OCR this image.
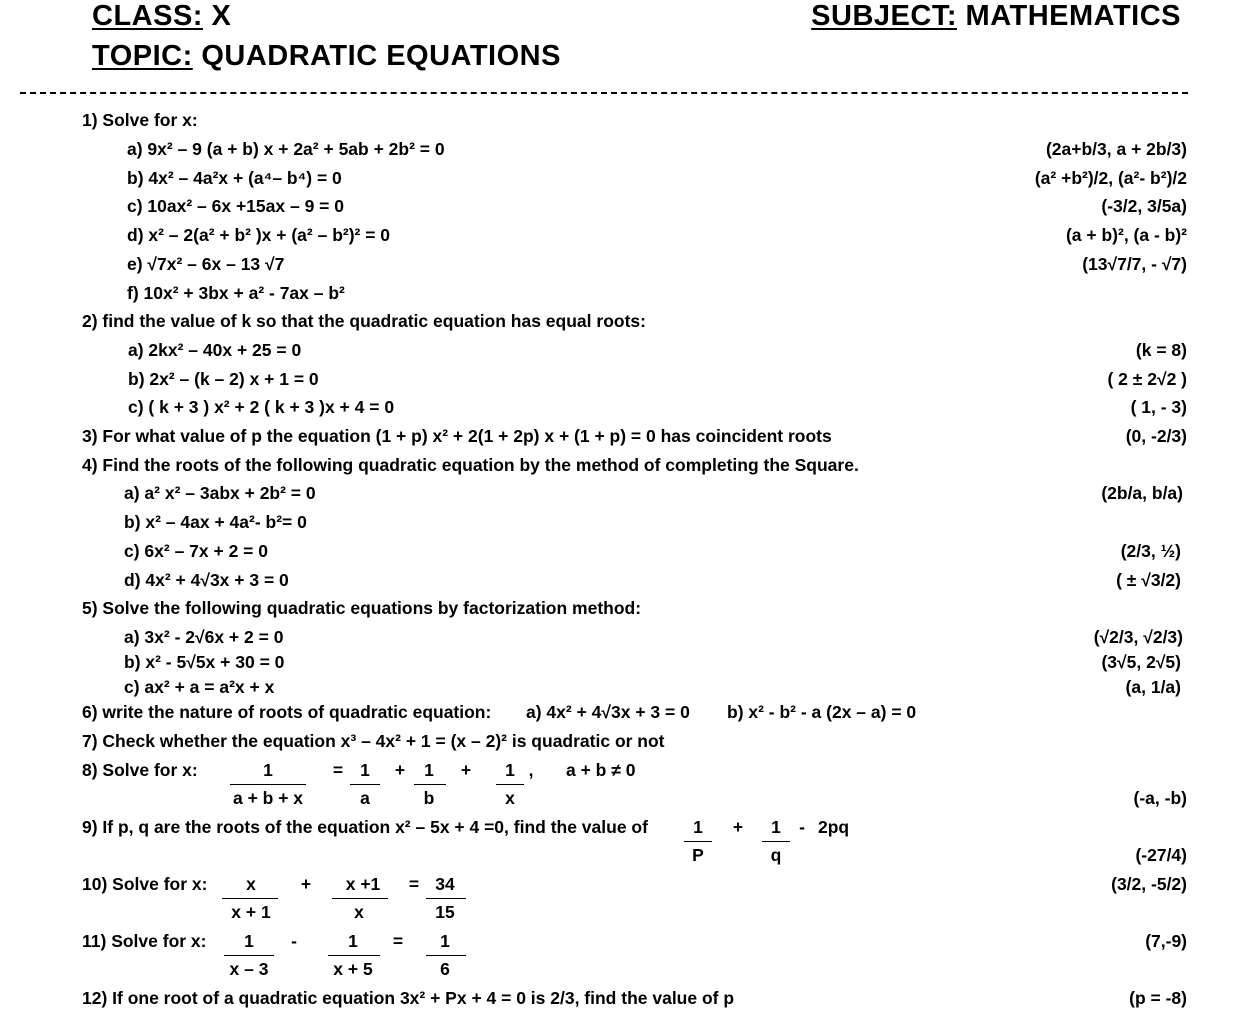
CLASS: X	SUBJECT: MATHEMATICS
TOPIC: QUADRATIC EQUATIONS
1) Solve for x:
a) 9x² – 9 (a + b) x + 2a² + 5ab + 2b² = 0	(2a+b/3, a + 2b/3)
b) 4x² – 4a²x + (a⁴– b⁴) = 0	(a² +b²)/2, (a²- b²)/2
c) 10ax² – 6x +15ax – 9 = 0	(-3/2, 3/5a)
d) x² – 2(a² + b² )x + (a² – b²)² = 0	(a + b)², (a - b)²
e) √7x² – 6x – 13 √7	(13√7/7, - √7)
f) 10x² + 3bx + a² - 7ax – b²
2) find the value of k so that the quadratic equation has equal roots:
a) 2kx² – 40x + 25 = 0	(k = 8)
b) 2x² – (k – 2) x + 1 = 0	( 2 ± 2√2 )
c) ( k + 3 ) x² + 2 ( k + 3 )x + 4 = 0	( 1, - 3)
3) For what value of p the equation (1 + p) x² + 2(1 + 2p) x + (1 + p) = 0 has coincident roots	(0, -2/3)
4) Find the roots of the following quadratic equation by the method of completing the Square.
a) a² x² – 3abx + 2b² = 0	(2b/a, b/a)
b) x² – 4ax + 4a²- b²= 0
c) 6x² – 7x + 2 = 0	(2/3, ½)
d) 4x² + 4√3x + 3 = 0	( ± √3/2)
5) Solve the following quadratic equations by factorization method:
a) 3x² - 2√6x + 2 = 0	(√2/3, √2/3)
b) x² - 5√5x + 30 = 0	(3√5, 2√5)
c) ax² + a = a²x + x	(a, 1/a)
6) write the nature of roots of quadratic equation: a) 4x² + 4√3x + 3 = 0 b) x² - b² - a (2x – a) = 0
7) Check whether the equation x³ – 4x² + 1 = (x – 2)² is quadratic or not
8) Solve for x:	1
a + b + x
= 1
a
+	1
b
+	1
x
, a + b ≠ 0
(-a, -b)
9) If p, q are the roots of the equation x² – 5x + 4 =0, find the value of	1
P
+	1
q
- 2pq
(-27/4)
10) Solve for x:	x
x + 1
+	x +1
x
= 34
15
(3/2, -5/2)
11) Solve for x:	1
x – 3
-	1
x + 5
=	1
6
(7,-9)
12) If one root of a quadratic equation 3x² + Px + 4 = 0 is 2/3, find the value of p	(p = -8)
